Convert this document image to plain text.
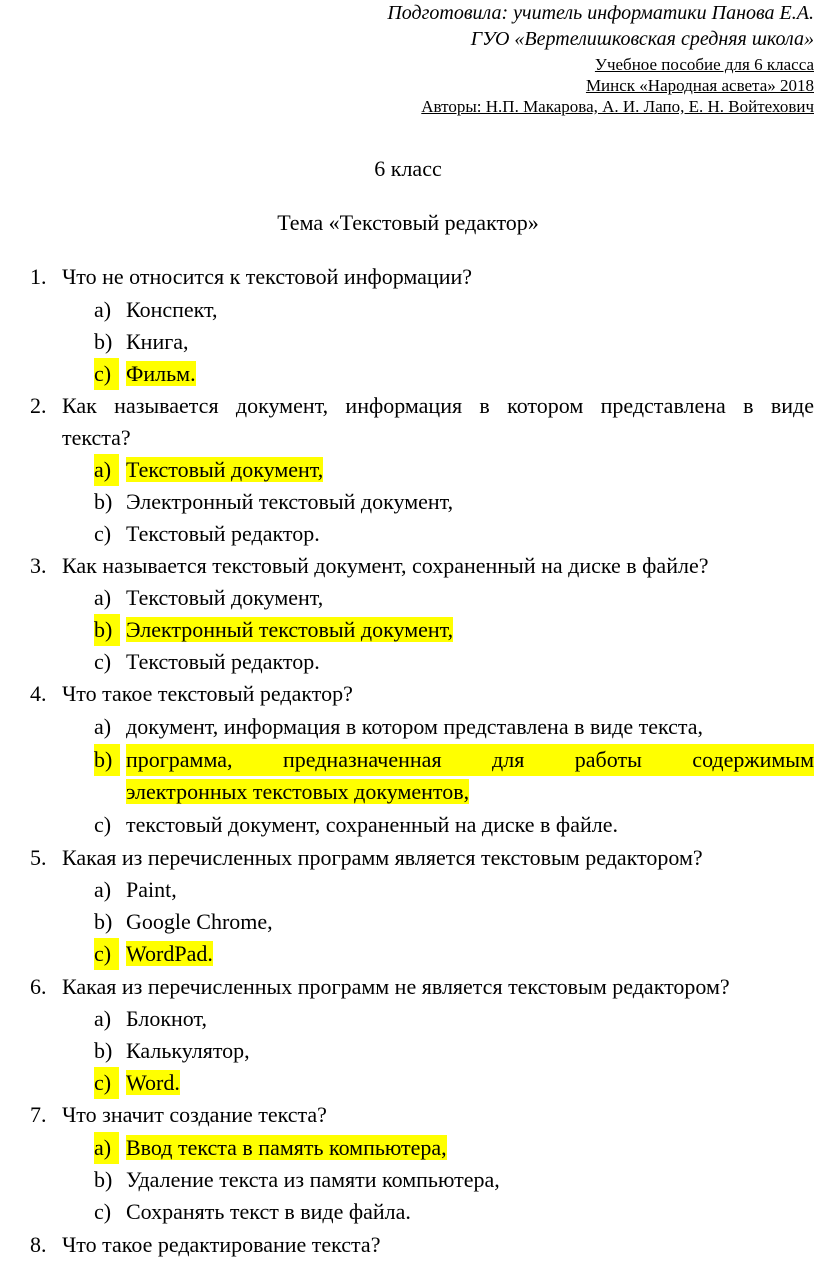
Подготовила: учитель информатики Панова Е.А.
ГУО «Вертелишковская средняя школа»
Учебное пособие для 6 класса
Минск «Народная асвета» 2018
Авторы: Н.П. Макарова, А. И. Лапо, Е. Н. Войтехович
6 класс
Тема «Текстовый редактор»
1. Что не относится к текстовой информации?
a) Конспект,
b) Книга,
c) Фильм.
2. Как называется документ, информация в котором представлена в виде
текста?
a) Текстовый документ,
b) Электронный текстовый документ,
c) Текстовый редактор.
3. Как называется текстовый документ, сохраненный на диске в файле?
a) Текстовый документ,
b) Электронный текстовый документ,
c) Текстовый редактор.
4. Что такое текстовый редактор?
a) документ, информация в котором представлена в виде текста,
b) программа, предназначенная для работы содержимым
электронных текстовых документов,
c) текстовый документ, сохраненный на диске в файле.
5. Какая из перечисленных программ является текстовым редактором?
a) Paint,
b) Google Chrome,
c) WordPad.
6. Какая из перечисленных программ не является текстовым редактором?
a) Блокнот,
b) Калькулятор,
c) Word.
7. Что значит создание текста?
a) Ввод текста в память компьютера,
b) Удаление текста из памяти компьютера,
c) Сохранять текст в виде файла.
8. Что такое редактирование текста?
